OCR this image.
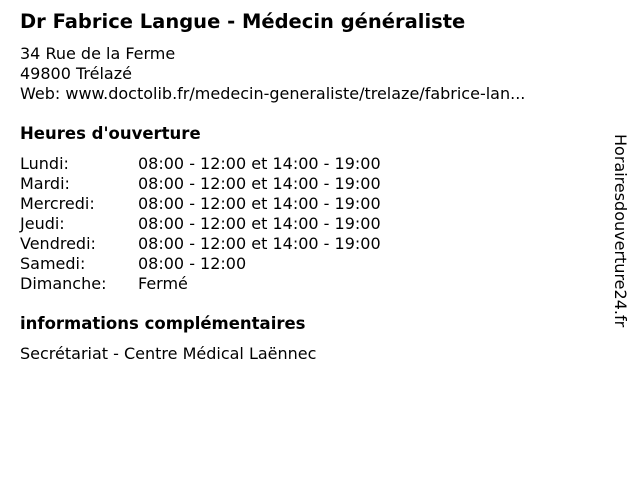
Dr Fabrice Langue - Médecin généraliste
34 Rue de la Ferme
49800 Trélazé
Web: www.doctolib.fr/medecin-generaliste/trelaze/fabrice-lan...
Heures d'ouverture
Lundi:	08:00 - 12:00 et 14:00 - 19:00
Mardi:	08:00 - 12:00 et 14:00 - 19:00
Mercredi:	08:00 - 12:00 et 14:00 - 19:00
Jeudi:	08:00 - 12:00 et 14:00 - 19:00
Vendredi:	08:00 - 12:00 et 14:00 - 19:00
Samedi:	08:00 - 12:00
Dimanche: Fermé
informations complémentaires
Secrétariat - Centre Médical Laënnec
Horairesdouverture24.fr
